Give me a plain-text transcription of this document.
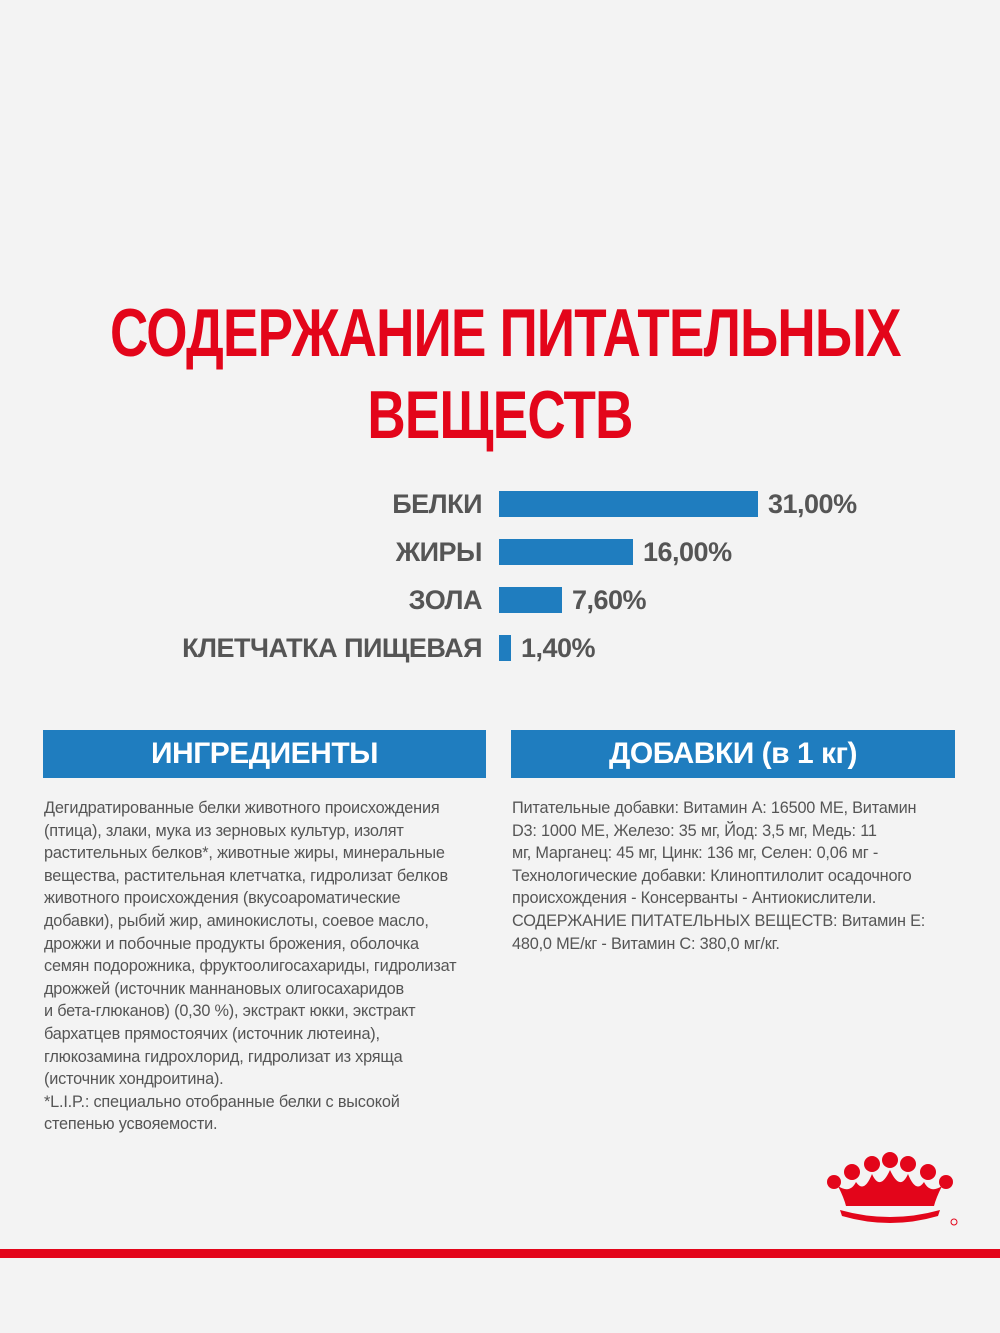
СОДЕРЖАНИЕ ПИТАТЕЛЬНЫХ
ВЕЩЕСТВ
БЕЛКИ	31,00%
ЖИРЫ	16,00%
ЗОЛА	7,60%
КЛЕТЧАТКА ПИЩЕВАЯ 1,40%
ИНГРЕДИЕНТЫ
Дегидратированные белки животного происхождения
(птица), злаки, мука из зерновых культур, изолят
растительных белков*, животные жиры, минеральные
вещества, растительная клетчатка, гидролизат белков
животного происхождения (вкусоароматические
добавки), рыбий жир, аминокислоты, соевое масло,
дрожжи и побочные продукты брожения, оболочка
семян подорожника, фруктоолигосахариды, гидролизат
дрожжей (источник маннановых олигосахаридов
и бета-глюканов) (0,30 %), экстракт юкки, экстракт
бархатцев прямостоячих (источник лютеина),
глюкозамина гидрохлорид, гидролизат из хряща
(источник хондроитина).
*L.I.P.: специально отобранные белки с высокой
степенью усвояемости.
ДОБАВКИ (в 1 кг)
Питательные добавки: Витамин А: 16500 МЕ, Витамин
D3: 1000 МЕ, Железо: 35 мг, Йод: 3,5 мг, Медь: 11
мг, Марганец: 45 мг, Цинк: 136 мг, Селен: 0,06 мг -
Технологические добавки: Клиноптилолит осадочного
происхождения - Консерванты - Антиокислители.
СОДЕРЖАНИЕ ПИТАТЕЛЬНЫХ ВЕЩЕСТВ: Витамин E:
480,0 МЕ/кг - Витамин С: 380,0 мг/кг.
